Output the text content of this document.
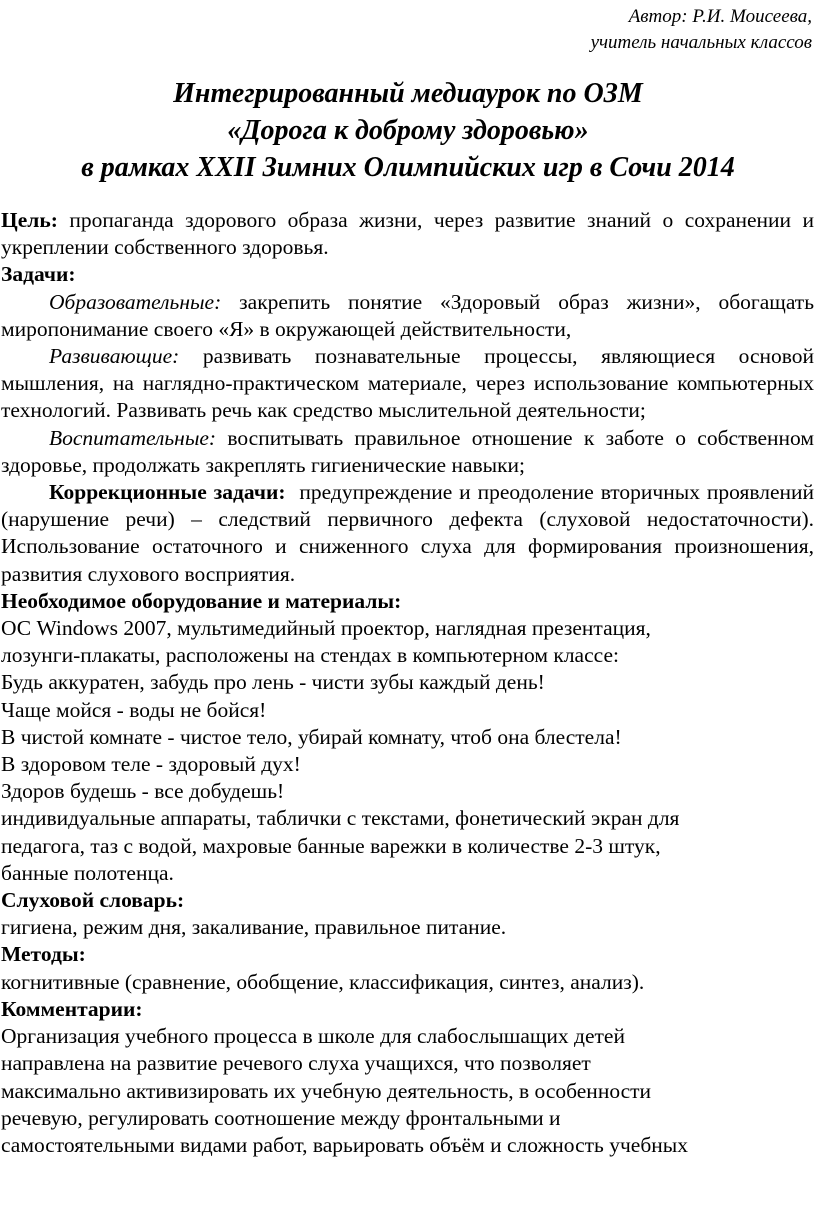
Автор: Р.И. Моисеева,
учитель начальных классов
Интегрированный медиаурок по ОЗМ
«Дорога к доброму здоровью»
в рамках XXII Зимних Олимпийских игр в Сочи 2014

Цель: пропаганда здорового образа жизни, через развитие знаний о сохранении и укреплении собственного здоровья.

Задачи:

Образовательные: закрепить понятие «Здоровый образ жизни», обогащать миропонимание своего «Я» в окружающей действительности,

Развивающие: развивать познавательные процессы, являющиеся основой мышления, на наглядно-практическом материале, через использование компьютерных технологий. Развивать речь как средство мыслительной деятельности;

Воспитательные: воспитывать правильное отношение к заботе о собственном здоровье, продолжать закреплять гигиенические навыки;

Коррекционные задачи: предупреждение и преодоление вторичных проявлений (нарушение речи) – следствий первичного дефекта (слуховой недостаточности). Использование остаточного и сниженного слуха для формирования произношения, развития слухового восприятия.

Необходимое оборудование и материалы:

ОС Windows 2007, мультимедийный проектор, наглядная презентация,

лозунги-плакаты, расположены на стендах в компьютерном классе:

Будь аккуратен, забудь про лень - чисти зубы каждый день!

Чаще мойся - воды не бойся!

В чистой комнате - чистое тело, убирай комнату, чтоб она блестела!

В здоровом теле - здоровый дух!

Здоров будешь - все добудешь!

индивидуальные аппараты, таблички с текстами, фонетический экран для

педагога, таз с водой, махровые банные варежки в количестве 2-3 штук,

банные полотенца.

Слуховой словарь:

гигиена, режим дня, закаливание, правильное питание.

Методы:

когнитивные (сравнение, обобщение, классификация, синтез, анализ).

Комментарии:

Организация учебного процесса в школе для слабослышащих детей

направлена на развитие речевого слуха учащихся, что позволяет

максимально активизировать их учебную деятельность, в особенности

речевую, регулировать соотношение между фронтальными и

самостоятельными видами работ, варьировать объём и сложность учебных
